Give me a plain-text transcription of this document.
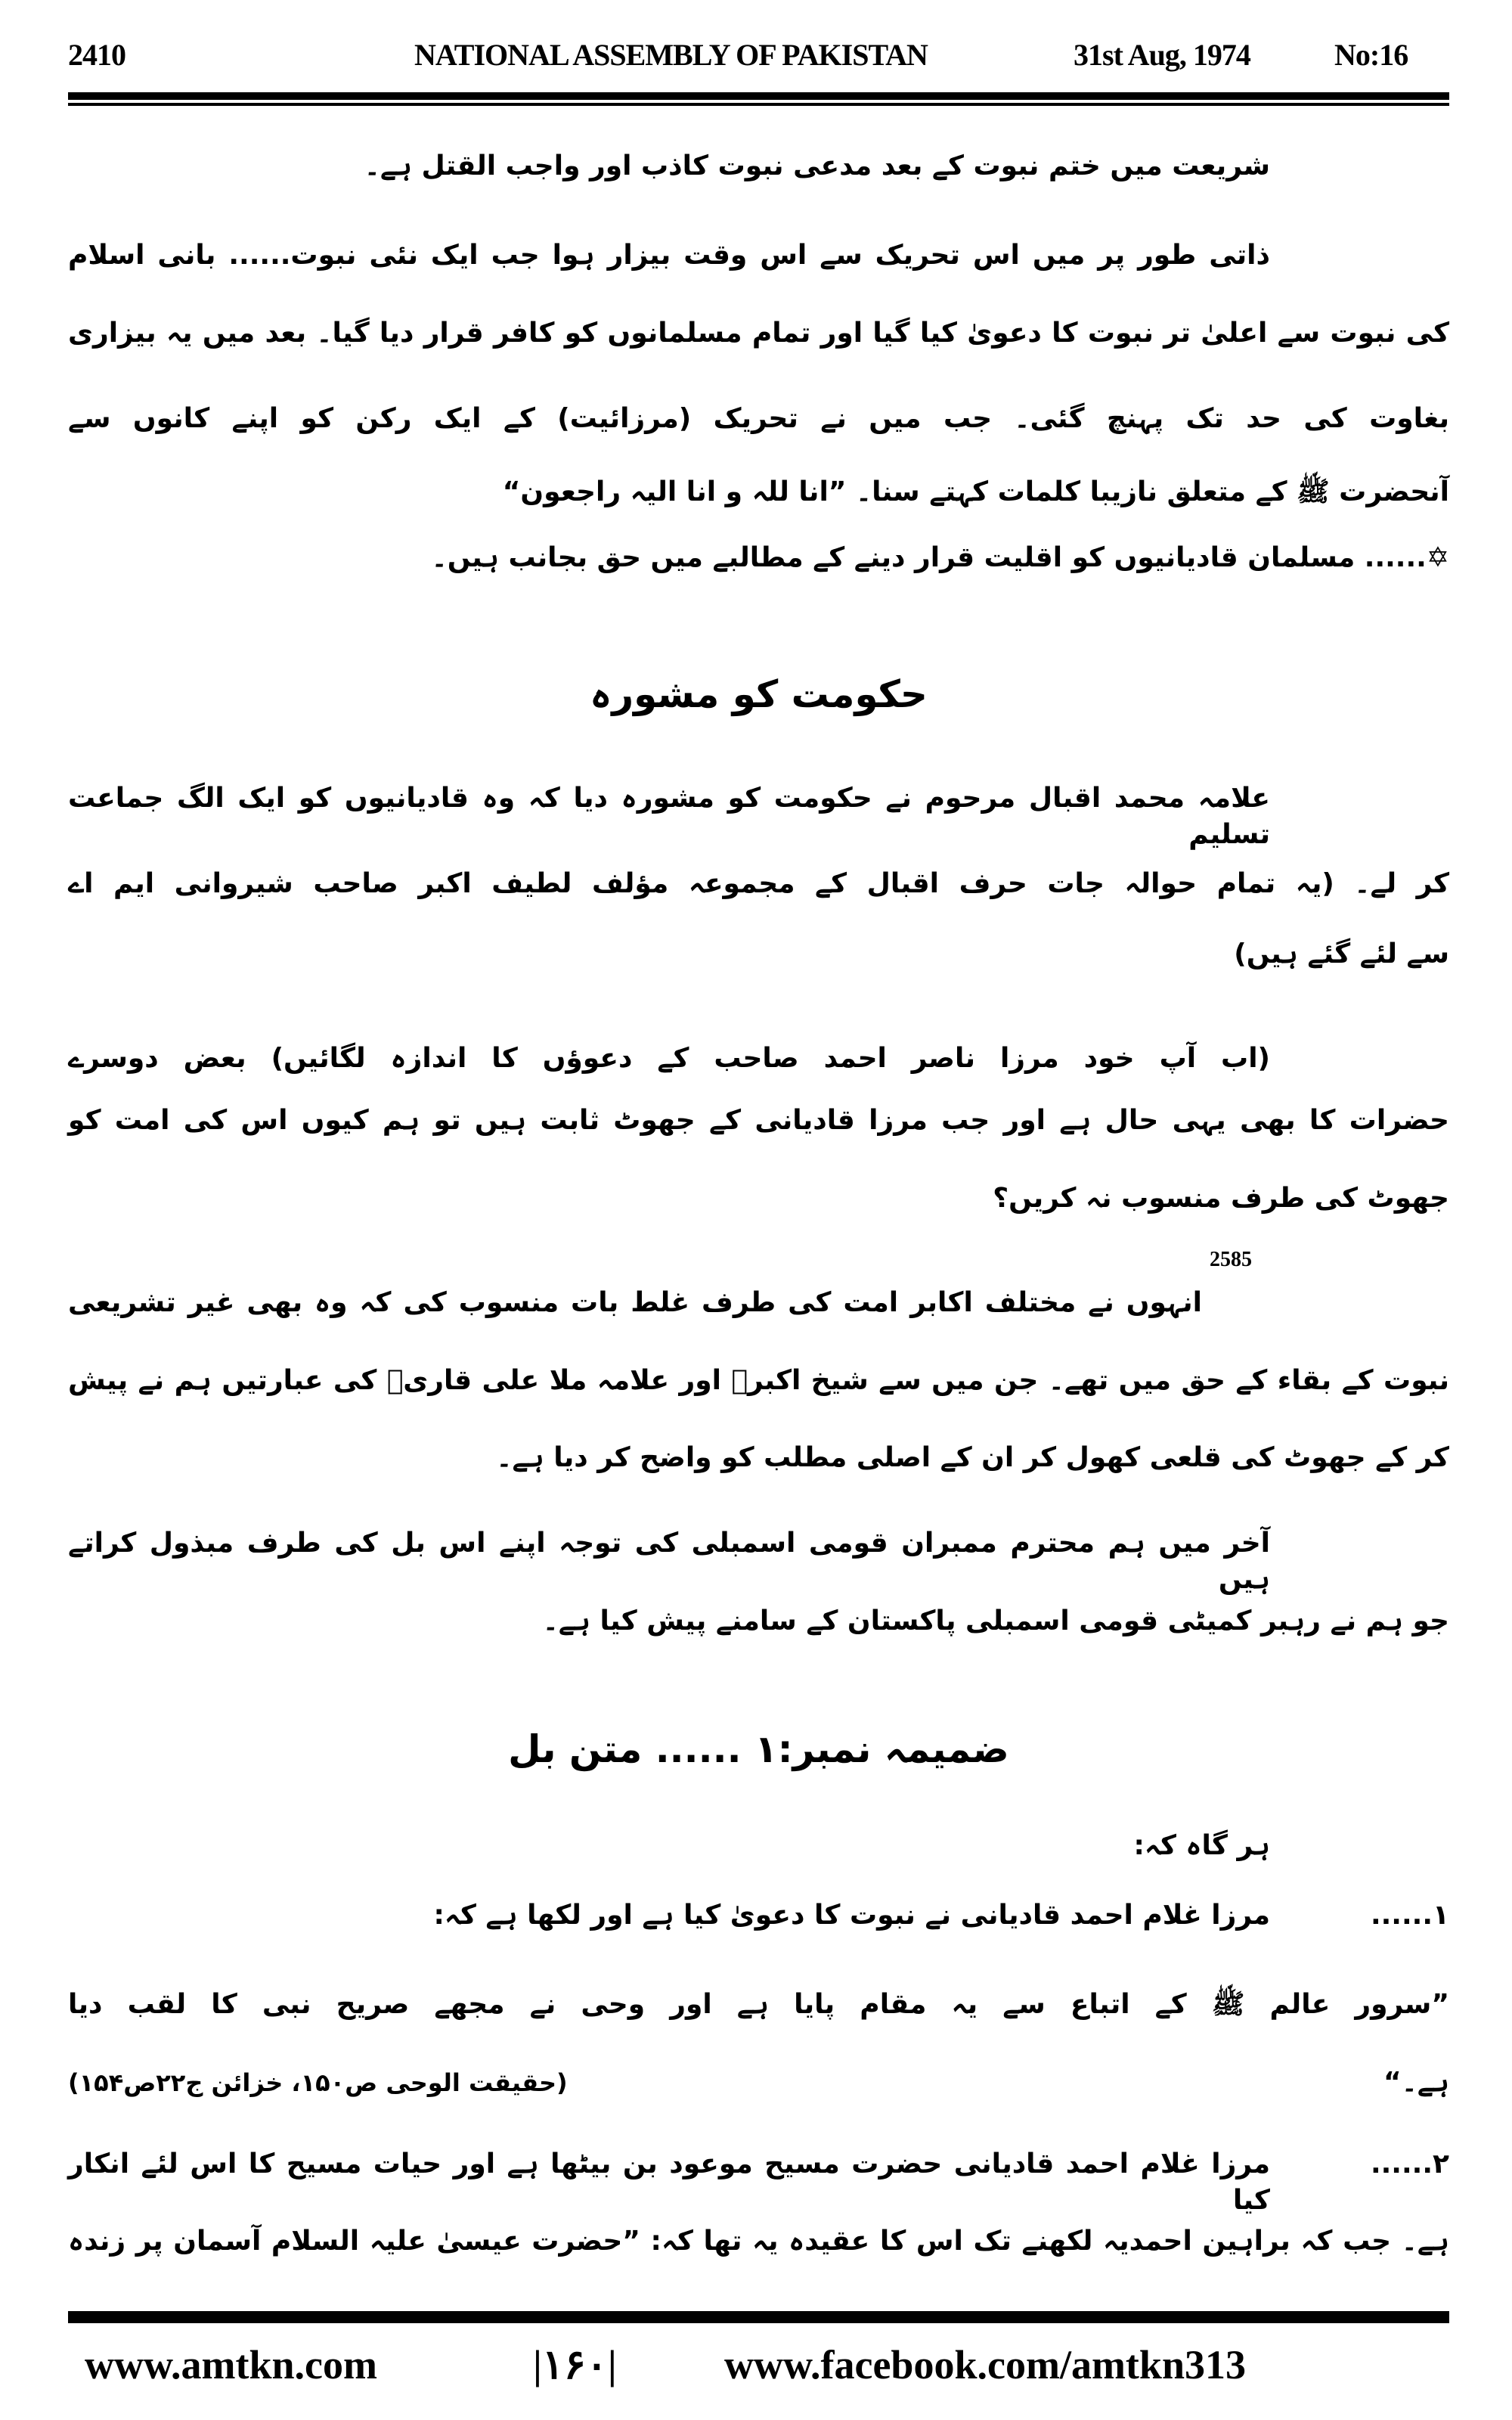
2410	NATIONAL ASSEMBLY OF PAKISTAN	31st Aug, 1974	No:16
شریعت میں ختم نبوت کے بعد مدعی نبوت کاذب اور واجب القتل ہے۔
ذاتی طور پر میں اس تحریک سے اس وقت بیزار ہوا جب ایک نئی نبوت...... بانی اسلام
کی نبوت سے اعلیٰ تر نبوت کا دعویٰ کیا گیا اور تمام مسلمانوں کو کافر قرار دیا گیا۔ بعد میں یہ بیزاری
بغاوت کی حد تک پہنچ گئی۔ جب میں نے تحریک (مرزائیت) کے ایک رکن کو اپنے کانوں سے
آنحضرت ﷺ کے متعلق نازیبا کلمات کہتے سنا۔ ”انا للہ و انا الیہ راجعون“
✡...... مسلمان قادیانیوں کو اقلیت قرار دینے کے مطالبے میں حق بجانب ہیں۔
حکومت کو مشورہ
علامہ محمد اقبال مرحوم نے حکومت کو مشورہ دیا کہ وہ قادیانیوں کو ایک الگ جماعت تسلیم
کر لے۔ (یہ تمام حوالہ جات حرف اقبال کے مجموعہ مؤلف لطیف اکبر صاحب شیروانی ایم اے
سے لئے گئے ہیں)
(اب آپ خود مرزا ناصر احمد صاحب کے دعوؤں کا اندازہ لگائیں) بعض دوسرے
حضرات کا بھی یہی حال ہے اور جب مرزا قادیانی کے جھوٹ ثابت ہیں تو ہم کیوں اس کی امت کو
جھوٹ کی طرف منسوب نہ کریں؟
2585
انہوں نے مختلف اکابر امت کی طرف غلط بات منسوب کی کہ وہ بھی غیر تشریعی
نبوت کے بقاء کے حق میں تھے۔ جن میں سے شیخ اکبرؒ اور علامہ ملا علی قاریؒ کی عبارتیں ہم نے پیش
کر کے جھوٹ کی قلعی کھول کر ان کے اصلی مطلب کو واضح کر دیا ہے۔
آخر میں ہم محترم ممبران قومی اسمبلی کی توجہ اپنے اس بل کی طرف مبذول کراتے ہیں
جو ہم نے رہبر کمیٹی قومی اسمبلی پاکستان کے سامنے پیش کیا ہے۔
ضمیمہ نمبر:۱ ...... متن بل
ہر گاہ کہ:
۱......
مرزا غلام احمد قادیانی نے نبوت کا دعویٰ کیا ہے اور لکھا ہے کہ:
”سرور عالم ﷺ کے اتباع سے یہ مقام پایا ہے اور وحی نے مجھے صریح نبی کا لقب دیا
ہے۔“
(حقیقت الوحی ص۱۵۰، خزائن ج۲۲ص۱۵۴)
۲......
مرزا غلام احمد قادیانی حضرت مسیح موعود بن بیٹھا ہے اور حیات مسیح کا اس لئے انکار کیا
ہے۔ جب کہ براہین احمدیہ لکھنے تک اس کا عقیدہ یہ تھا کہ: ”حضرت عیسیٰ علیہ السلام آسمان پر زندہ
www.amtkn.com	|۱۶۰|	www.facebook.com/amtkn313
